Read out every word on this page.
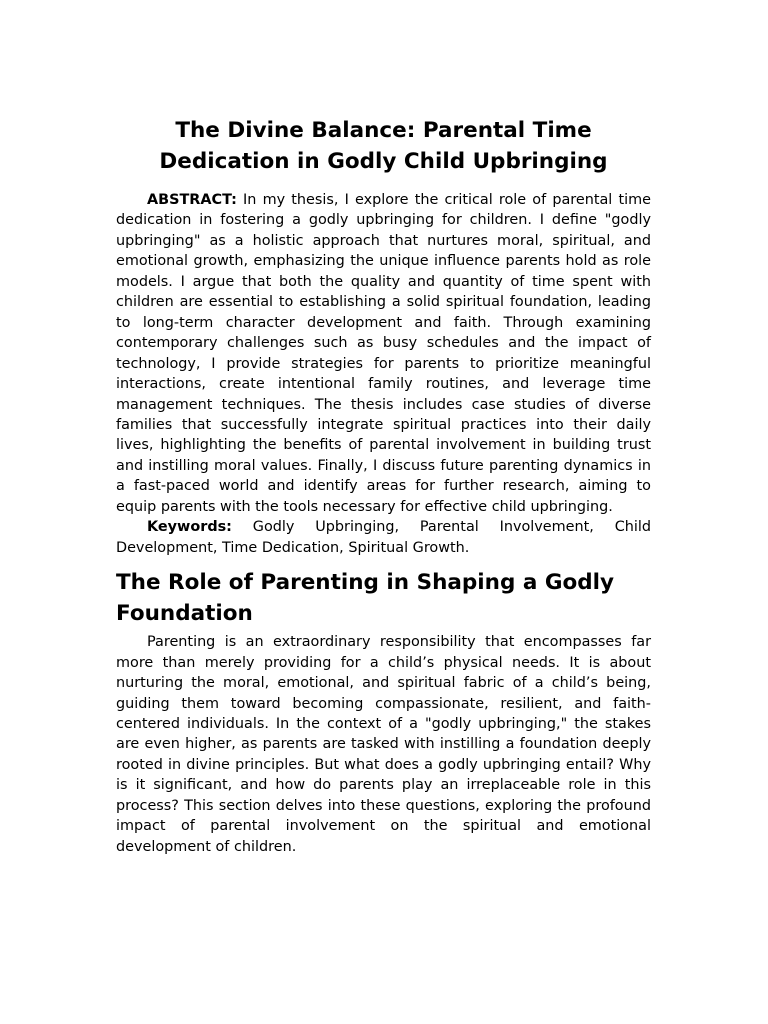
The Divine Balance: Parental Time Dedication in Godly Child Upbringing

ABSTRACT: In my thesis, I explore the critical role of parental time dedication in fostering a godly upbringing for children. I define "godly upbringing" as a holistic approach that nurtures moral, spiritual, and emotional growth, emphasizing the unique influence parents hold as role models. I argue that both the quality and quantity of time spent with children are essential to establishing a solid spiritual foundation, leading to long-term character development and faith. Through examining contemporary challenges such as busy schedules and the impact of technology, I provide strategies for parents to prioritize meaningful interactions, create intentional family routines, and leverage time management techniques. The thesis includes case studies of diverse families that successfully integrate spiritual practices into their daily lives, highlighting the benefits of parental involvement in building trust and instilling moral values. Finally, I discuss future parenting dynamics in a fast-paced world and identify areas for further research, aiming to equip parents with the tools necessary for effective child upbringing.

Keywords: Godly Upbringing, Parental Involvement, Child Development, Time Dedication, Spiritual Growth.

The Role of Parenting in Shaping a Godly Foundation

Parenting is an extraordinary responsibility that encompasses far more than merely providing for a child’s physical needs. It is about nurturing the moral, emotional, and spiritual fabric of a child’s being, guiding them toward becoming compassionate, resilient, and faith-centered individuals. In the context of a "godly upbringing," the stakes are even higher, as parents are tasked with instilling a foundation deeply rooted in divine principles. But what does a godly upbringing entail? Why is it significant, and how do parents play an irreplaceable role in this process? This section delves into these questions, exploring the profound impact of parental involvement on the spiritual and emotional development of children.
